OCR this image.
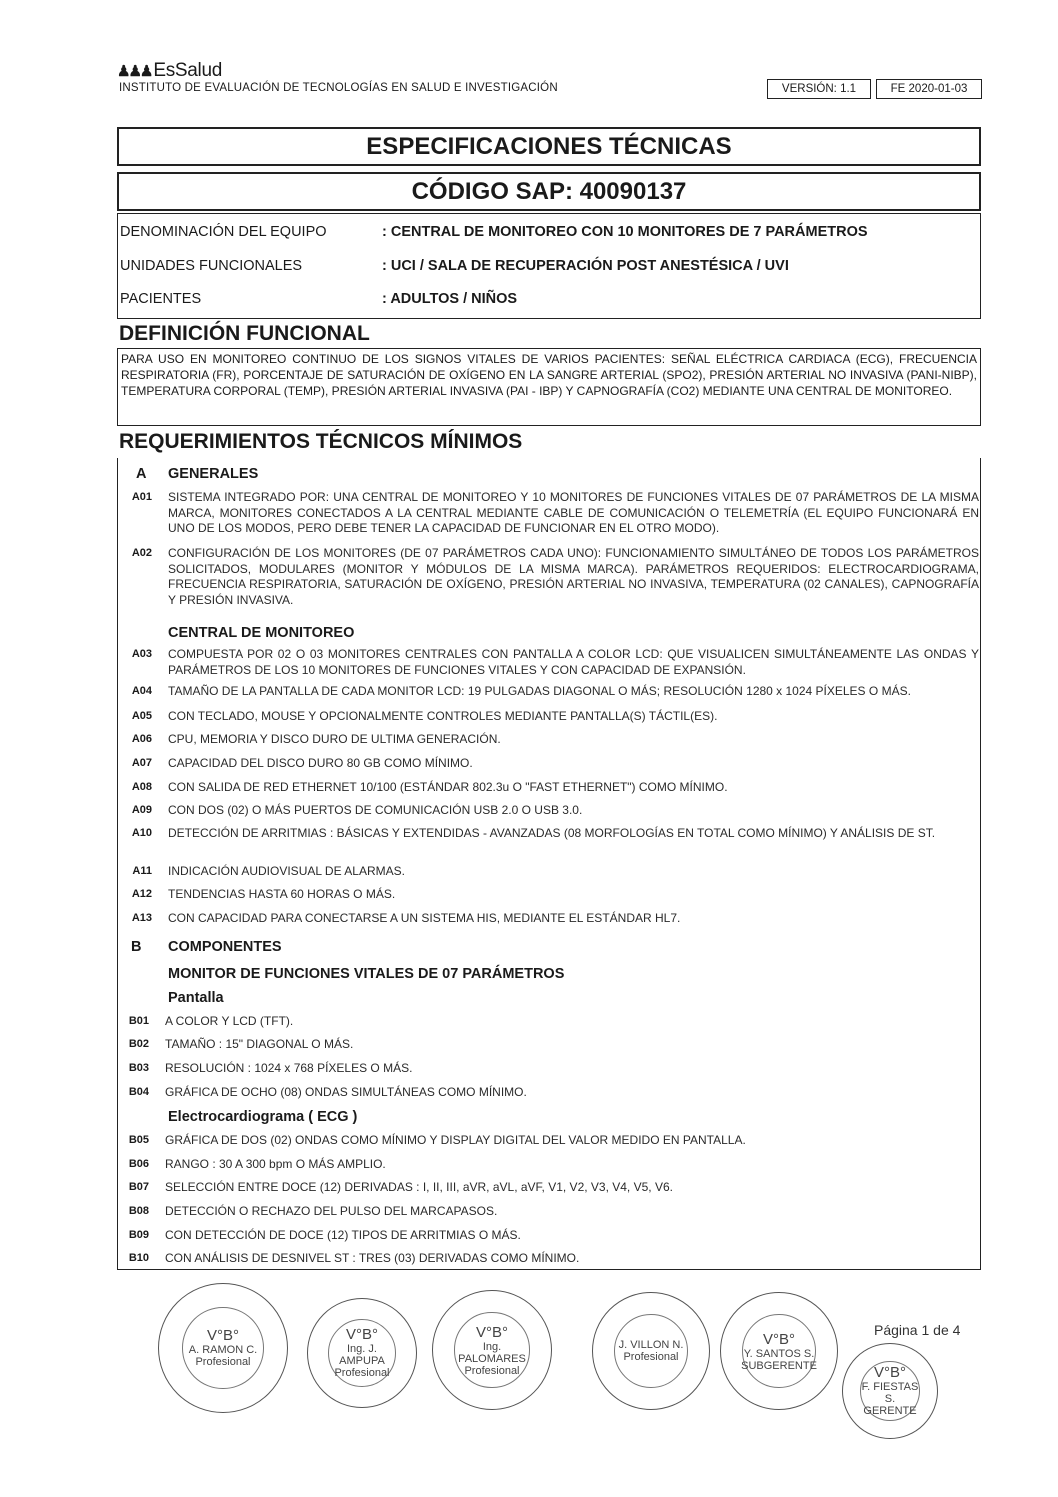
♟♟♟ EsSalud
INSTITUTO DE EVALUACIÓN DE TECNOLOGÍAS EN SALUD E INVESTIGACIÓN	VERSIÓN: 1.1	FE 2020-01-03
ESPECIFICACIONES TÉCNICAS
CÓDIGO SAP: 40090137
DENOMINACIÓN DEL EQUIPO	: CENTRAL DE MONITOREO CON 10 MONITORES DE 7 PARÁMETROS
UNIDADES FUNCIONALES	: UCI / SALA DE RECUPERACIÓN POST ANESTÉSICA / UVI
PACIENTES	: ADULTOS / NIÑOS
DEFINICIÓN FUNCIONAL
PARA USO EN MONITOREO CONTINUO DE LOS SIGNOS VITALES DE VARIOS PACIENTES: SEÑAL ELÉCTRICA CARDIACA (ECG), FRECUENCIA RESPIRATORIA (FR), PORCENTAJE DE SATURACIÓN DE OXÍGENO EN LA SANGRE ARTERIAL (SPO2), PRESIÓN ARTERIAL NO INVASIVA (PANI-NIBP), TEMPERATURA CORPORAL (TEMP), PRESIÓN ARTERIAL INVASIVA (PAI - IBP) Y CAPNOGRAFÍA (CO2) MEDIANTE UNA CENTRAL DE MONITOREO.
REQUERIMIENTOS TÉCNICOS MÍNIMOS
A GENERALES
A01 SISTEMA INTEGRADO POR: UNA CENTRAL DE MONITOREO Y 10 MONITORES DE FUNCIONES VITALES DE 07 PARÁMETROS DE LA MISMA MARCA, MONITORES CONECTADOS A LA CENTRAL MEDIANTE CABLE DE COMUNICACIÓN O TELEMETRÍA (EL EQUIPO FUNCIONARÁ EN UNO DE LOS MODOS, PERO DEBE TENER LA CAPACIDAD DE FUNCIONAR EN EL OTRO MODO).
A02 CONFIGURACIÓN DE LOS MONITORES (DE 07 PARÁMETROS CADA UNO): FUNCIONAMIENTO SIMULTÁNEO DE TODOS LOS PARÁMETROS SOLICITADOS, MODULARES (MONITOR Y MÓDULOS DE LA MISMA MARCA). PARÁMETROS REQUERIDOS: ELECTROCARDIOGRAMA, FRECUENCIA RESPIRATORIA, SATURACIÓN DE OXÍGENO, PRESIÓN ARTERIAL NO INVASIVA, TEMPERATURA (02 CANALES), CAPNOGRAFÍA Y PRESIÓN INVASIVA.
CENTRAL DE MONITOREO
A03 COMPUESTA POR 02 O 03 MONITORES CENTRALES CON PANTALLA A COLOR LCD: QUE VISUALICEN SIMULTÁNEAMENTE LAS ONDAS Y PARÁMETROS DE LOS 10 MONITORES DE FUNCIONES VITALES Y CON CAPACIDAD DE EXPANSIÓN.
A04 TAMAÑO DE LA PANTALLA DE CADA MONITOR LCD: 19 PULGADAS DIAGONAL O MÁS; RESOLUCIÓN 1280 x 1024 PÍXELES O MÁS.
A05 CON TECLADO, MOUSE Y OPCIONALMENTE CONTROLES MEDIANTE PANTALLA(S) TÁCTIL(ES).
A06 CPU, MEMORIA Y DISCO DURO DE ULTIMA GENERACIÓN.
A07 CAPACIDAD DEL DISCO DURO 80 GB COMO MÍNIMO.
A08 CON SALIDA DE RED ETHERNET 10/100 (ESTÁNDAR 802.3u O "FAST ETHERNET") COMO MÍNIMO.
A09 CON DOS (02) O MÁS PUERTOS DE COMUNICACIÓN USB 2.0 O USB 3.0.
A10 DETECCIÓN DE ARRITMIAS : BÁSICAS Y EXTENDIDAS - AVANZADAS (08 MORFOLOGÍAS EN TOTAL COMO MÍNIMO) Y ANÁLISIS DE ST.
A11 INDICACIÓN AUDIOVISUAL DE ALARMAS.
A12 TENDENCIAS HASTA 60 HORAS O MÁS.
A13 CON CAPACIDAD PARA CONECTARSE A UN SISTEMA HIS, MEDIANTE EL ESTÁNDAR HL7.
B COMPONENTES
MONITOR DE FUNCIONES VITALES DE 07 PARÁMETROS
Pantalla
B01 A COLOR Y LCD (TFT).
B02 TAMAÑO : 15" DIAGONAL O MÁS.
B03 RESOLUCIÓN : 1024 x 768 PÍXELES O MÁS.
B04 GRÁFICA DE OCHO (08) ONDAS SIMULTÁNEAS COMO MÍNIMO.
Electrocardiograma ( ECG )
B05 GRÁFICA DE DOS (02) ONDAS COMO MÍNIMO Y DISPLAY DIGITAL DEL VALOR MEDIDO EN PANTALLA.
B06 RANGO : 30 A 300 bpm O MÁS AMPLIO.
B07 SELECCIÓN ENTRE DOCE (12) DERIVADAS : I, II, III, aVR, aVL, aVF, V1, V2, V3, V4, V5, V6.
B08 DETECCIÓN O RECHAZO DEL PULSO DEL MARCAPASOS.
B09 CON DETECCIÓN DE DOCE (12) TIPOS DE ARRITMIAS O MÁS.
B10 CON ANÁLISIS DE DESNIVEL ST : TRES (03) DERIVADAS COMO MÍNIMO.
V°B°
A. RAMON C.
Profesional
V°B°
Ing. J. AMPUPA
Profesional
V°B°
Ing. PALOMARES
Profesional
J. VILLON N.
Profesional
V°B°
Y. SANTOS S.
SUBGERENTE
Página 1 de 4
V°B°
F. FIESTAS S.
GERENTE
